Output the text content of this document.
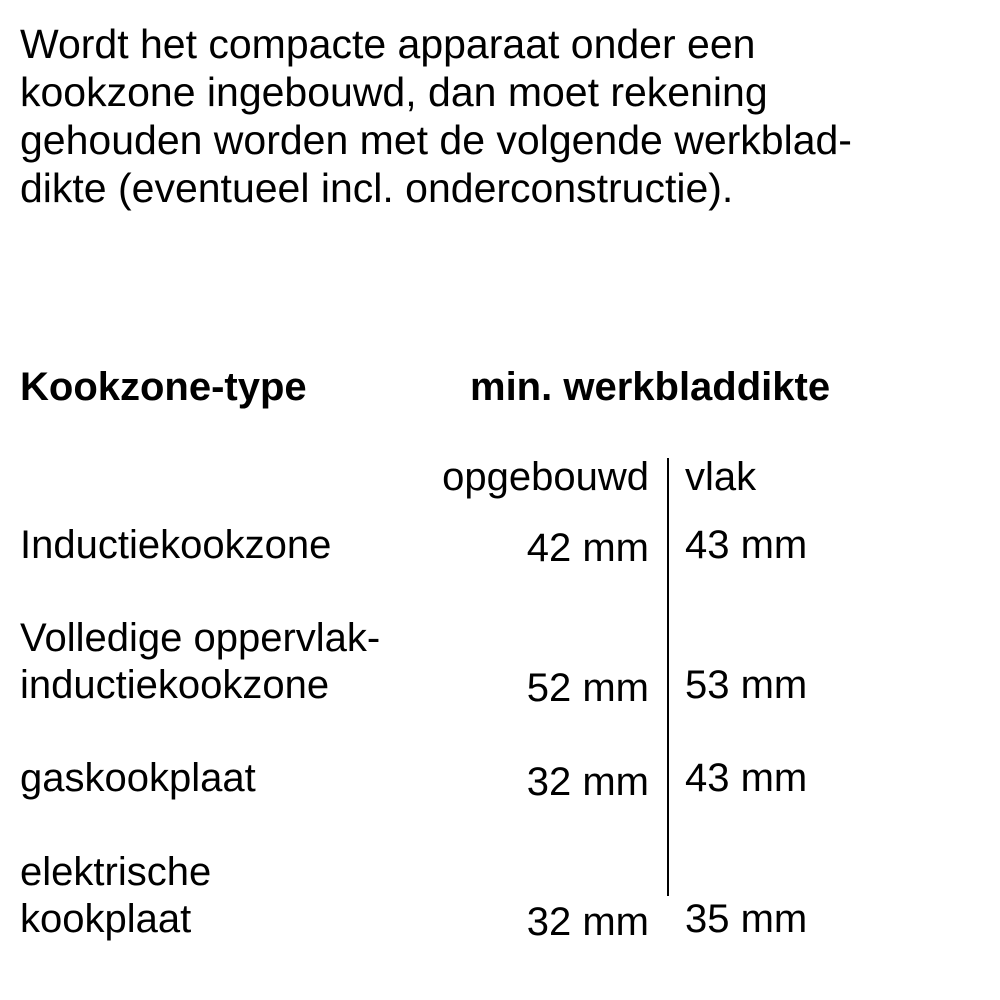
Wordt het compacte apparaat onder een
kookzone ingebouwd, dan moet rekening
gehouden worden met de volgende werkblad-
dikte (eventueel incl. onderconstructie).
Kookzone-type	min. werkbladdikte
opgebouwd vlak
Inductiekookzone	42 mm 43 mm
Volledige oppervlak-
inductiekookzone	52 mm 53 mm
gaskookplaat	32 mm 43 mm
elektrische
kookplaat	32 mm 35 mm
